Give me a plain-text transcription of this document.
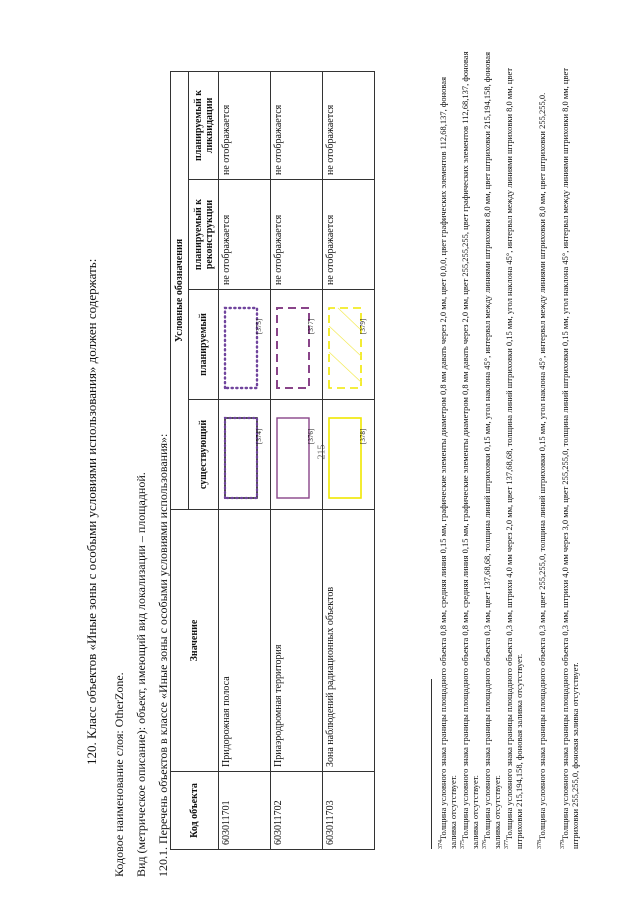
215
120. Класс объектов «Иные зоны с особыми условиями использования» должен содержать:
Кодовое наименование слоя: OtherZone. Вид (метрическое описание): объект, имеющий вид локализации – площадной. 120.1. Перечень объектов в классе «Иные зоны с особыми условиями использования»: Код объекта	Значение	Условные обозначения			
		существующий	планируемый	планируемый к реконструкции	планируемый к ликвидации
603011701	Придорожная полоса	[374]	[375]	не отображается	не отображается
603011702	Приаэродромная территория	[376]	[377]	не отображается	не отображается
603011703	Зона наблюдений радиационных объектов	[378]	[379]	не отображается	не отображается
$^{374}$Толщина условного знака границы площадного объекта 0,8 мм, средняя линия 0,15 мм, графические элементы диаметром 0,8 мм давать через 2,0 мм, цвет 0,0,0, цвет графических элементов 112,68,137, фоновая заливка отсутствует. $^{375}$Толщина условного знака границы площадного объекта 0,8 мм, средняя линия 0,15 мм, графические элементы диаметром 0,8 мм давать через 2,0 мм, цвет 255,255,255, цвет графических элементов 112,68,137, фоновая заливка отсутствует. $^{376}$Толщина условного знака границы площадного объекта 0,3 мм, цвет 137,68,68, толщина линий штриховки 0,15 мм, угол наклона 45°, интервал между линиями штриховки 8,0 мм, цвет штриховки 215,194,158, фоновая заливка отсутствует. $^{377}$Толщина условного знака границы площадного объекта 0,3 мм, штрихи 4,0 мм через 2,0 мм, цвет 137,68,68, толщина линий штриховки 0,15 мм, угол наклона 45°, интервал между линиями штриховки 8,0 мм, цвет штриховки 215,194,158, фоновая заливка отсутствует.	$^{378}$Толщина условного знака границы площадного объекта 0,3 мм, цвет 255,255,0, толщина линий штриховки 0,15 мм, угол наклона 45°, интервал между линиями штриховки 8,0 мм, цвет штриховки 255,255,0.
$^{379}$Толщина условного знака границы площадного объекта 0,3 мм, штрихи 4,0 мм через 3,0 мм, цвет 255,255,0, толщина линий штриховки 0,15 мм, угол наклона 45°, интервал между линиями штриховки 8,0 мм, цвет штриховки 255,255,0, фоновая заливка отсутствует.
